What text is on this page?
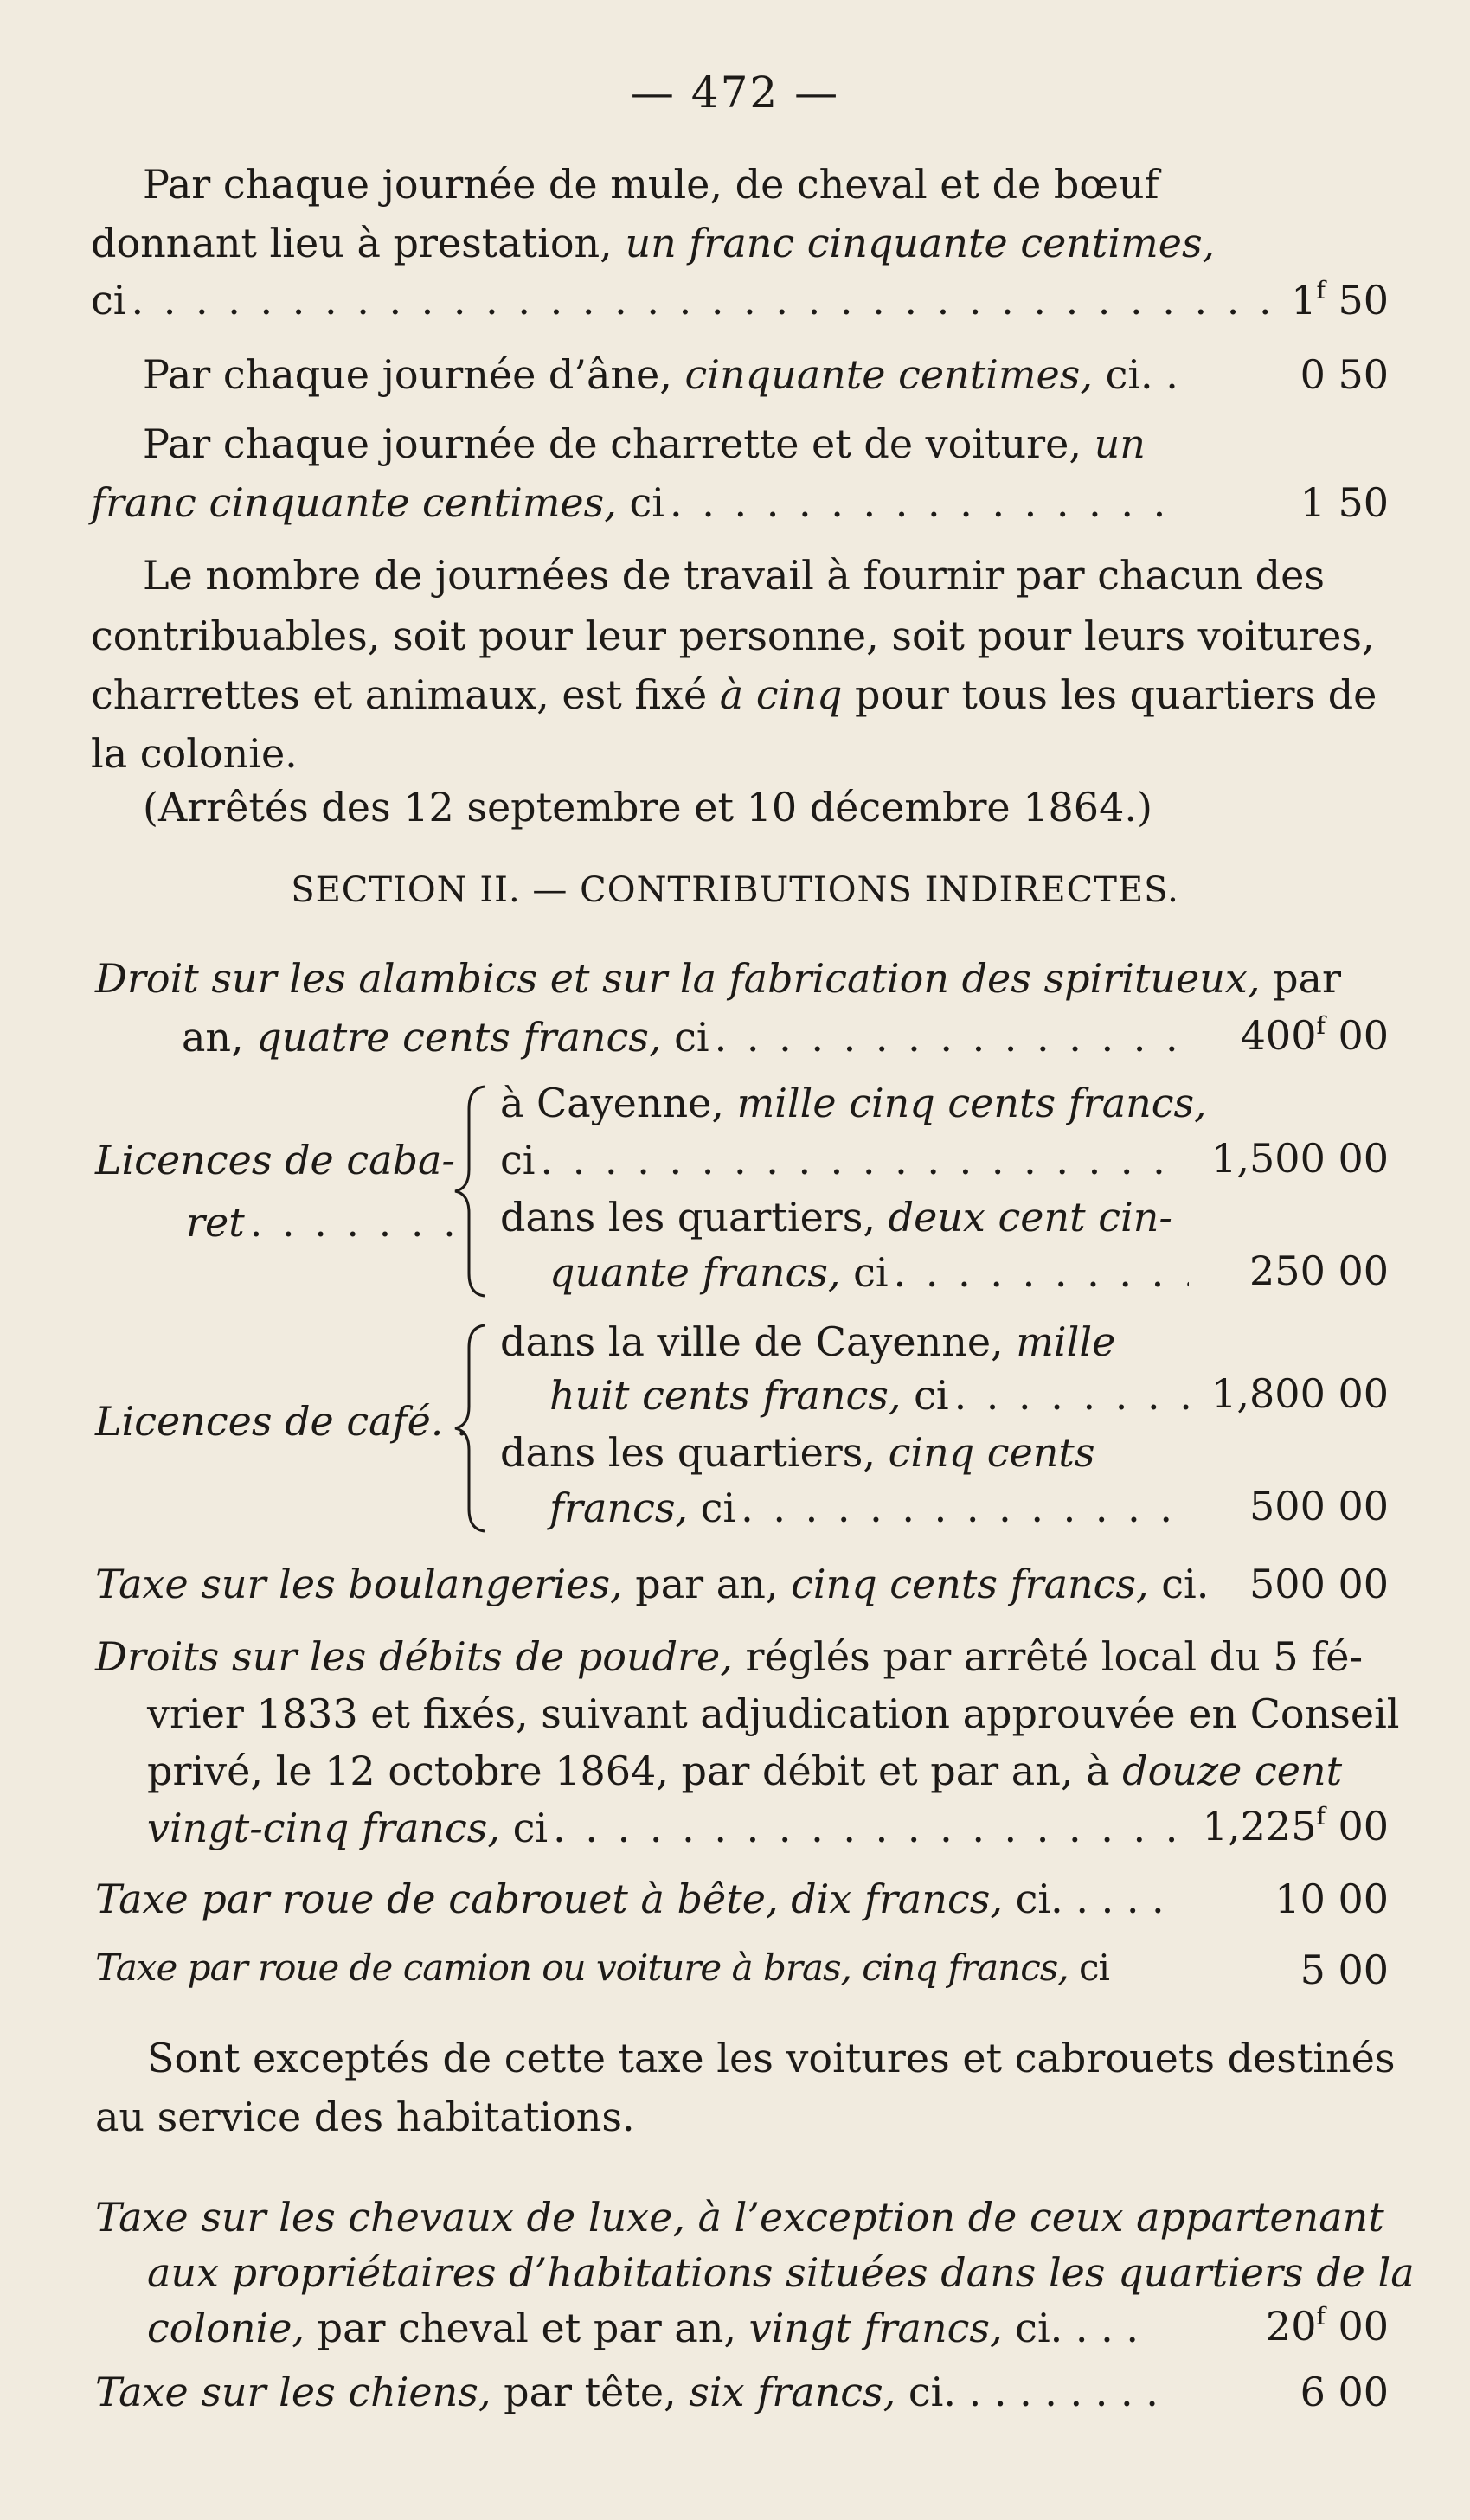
— 472 —
Par chaque journée de mule, de cheval et de bœuf
donnant lieu à prestation, un franc cinquante centimes,
ci . . .	1$^f$ 50
Par chaque journée d’âne, cinquante centimes, ci. .	0 50
Par chaque journée de charrette et de voiture, un
franc cinquante centimes, ci . . .	1 50
Le nombre de journées de travail à fournir par chacun des
contribuables, soit pour leur personne, soit pour leurs voitures,
charrettes et animaux, est fixé à cinq pour tous les quartiers de
la colonie.
(Arrêtés des 12 septembre et 10 décembre 1864.)
SECTION II. — CONTRIBUTIONS INDIRECTES.
Droit sur les alambics et sur la fabrication des spiritueux, par
an, quatre cents francs, ci . . .	400$^f$ 00
Licences de caba-
ret
. . .
à Cayenne, mille cinq cents francs,
ci . . .	1,500 00
dans les quartiers, deux cent cin-
quante francs, ci . . .	250 00
Licences de café. .
dans la ville de Cayenne, mille
huit cents francs, ci . . .	1,800 00
dans les quartiers, cinq cents
francs, ci . . .	500 00
Taxe sur les boulangeries, par an, cinq cents francs, ci. 500 00
Droits sur les débits de poudre, réglés par arrêté local du 5 fé-
vrier 1833 et fixés, suivant adjudication approuvée en Conseil
privé, le 12 octobre 1864, par débit et par an, à douze cent
vingt-cinq francs, ci . . .	1,225$^f$ 00
Taxe par roue de cabrouet à bête, dix francs, ci. . . . .	10 00
Taxe par roue de camion ou voiture à bras, cinq francs, ci	5 00
Sont exceptés de cette taxe les voitures et cabrouets destinés
au service des habitations.
Taxe sur les chevaux de luxe, à l’exception de ceux appartenant
aux propriétaires d’habitations situées dans les quartiers de la
colonie, par cheval et par an, vingt francs, ci. . . .	20$^f$ 00
Taxe sur les chiens, par tête, six francs, ci. . . . . . . . .	6 00
